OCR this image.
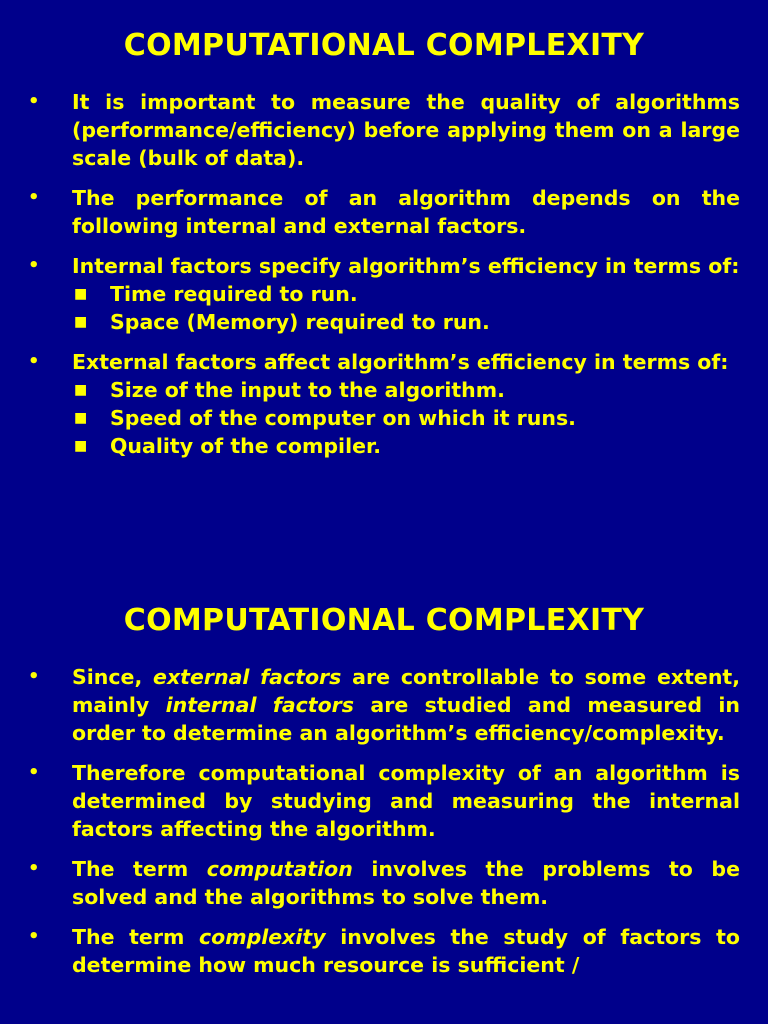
COMPUTATIONAL COMPLEXITY
• It is important to measure the quality of algorithms (performance/efficiency) before applying them on a large scale (bulk of data).
• The performance of an algorithm depends on the following internal and external factors.
• Internal factors specify algorithm’s efficiency in terms of:
■ Time required to run.
■ Space (Memory) required to run.
• External factors affect algorithm’s efficiency in terms of:
■ Size of the input to the algorithm.
■ Speed of the computer on which it runs.
■ Quality of the compiler.
COMPUTATIONAL COMPLEXITY
• Since, external factors are controllable to some extent, mainly internal factors are studied and measured in order to determine an algorithm’s efficiency/complexity.
• Therefore computational complexity of an algorithm is determined by studying and measuring the internal factors affecting the algorithm.
• The term computation involves the problems to be solved and the algorithms to solve them.
• The term complexity involves the study of factors to determine how much resource is sufficient /
